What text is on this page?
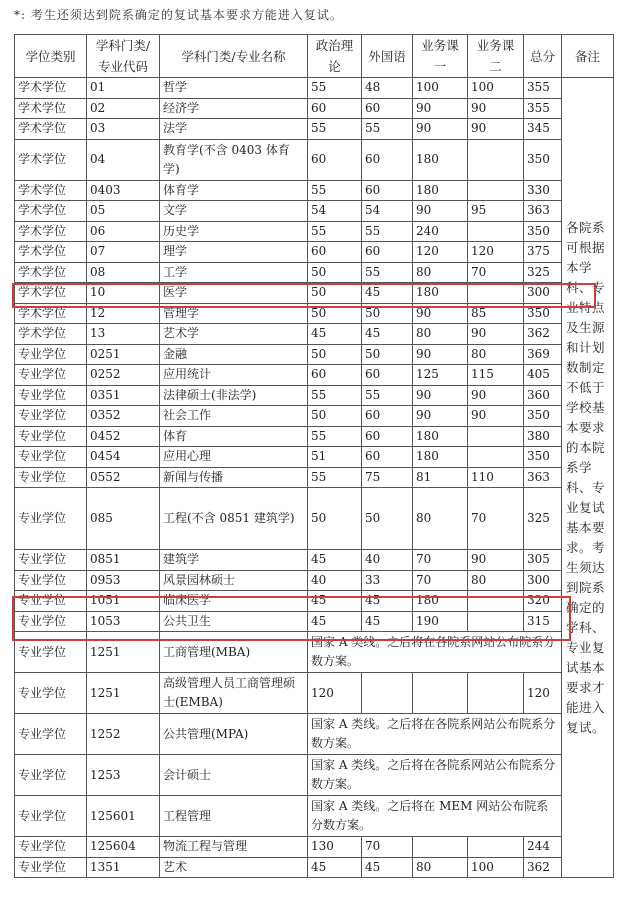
*: 考生还须达到院系确定的复试基本要求方能进入复试。
学位类别	学科门类/专业代码	学科门类/专业名称	政治理论	外国语	业务课一	业务课二	总分	备注
学术学位	01	哲学	55	48	100	100	355	各院系可根据本学科、专业特点及生源和计划数制定不低于学校基本要求的本院系学科、专业复试基本要求。考生须达到院系确定的学科、专业复试基本要求才能进入复试。
学术学位	02	经济学	60	60	90	90	355	
学术学位	03	法学	55	55	90	90	345	
学术学位	04	教育学(不含 0403 体育学)	60	60	180		350	
学术学位	0403	体育学	55	60	180		330	
学术学位	05	文学	54	54	90	95	363	
学术学位	06	历史学	55	55	240		350	
学术学位	07	理学	60	60	120	120	375	
学术学位	08	工学	50	55	80	70	325	
学术学位	10	医学	50	45	180		300	
学术学位	12	管理学	50	50	90	85	350	
学术学位	13	艺术学	45	45	80	90	362	
专业学位	0251	金融	50	50	90	80	369	
专业学位	0252	应用统计	60	60	125	115	405	
专业学位	0351	法律硕士(非法学)	55	55	90	90	360	
专业学位	0352	社会工作	50	60	90	90	350	
专业学位	0452	体育	55	60	180		380	
专业学位	0454	应用心理	51	60	180		350	
专业学位	0552	新闻与传播	55	75	81	110	363	
专业学位	085	工程(不含 0851 建筑学)	50	50	80	70	325	
专业学位	0851	建筑学	45	40	70	90	305	
专业学位	0953	风景园林硕士	40	33	70	80	300	
专业学位	1051	临床医学	45	45	180		320	
专业学位	1053	公共卫生	45	45	190		315	
专业学位	1251	工商管理(MBA)	国家 A 类线。之后将在各院系网站公布院系分数方案。					
专业学位	1251	高级管理人员工商管理硕士(EMBA)	120				120	
专业学位	1252	公共管理(MPA)	国家 A 类线。之后将在各院系网站公布院系分数方案。					
专业学位	1253	会计硕士	国家 A 类线。之后将在各院系网站公布院系分数方案。					
专业学位	125601	工程管理	国家 A 类线。之后将在 MEM 网站公布院系分数方案。					
专业学位	125604	物流工程与管理	130	70			244	
专业学位	1351	艺术	45	45	80	100	362	
